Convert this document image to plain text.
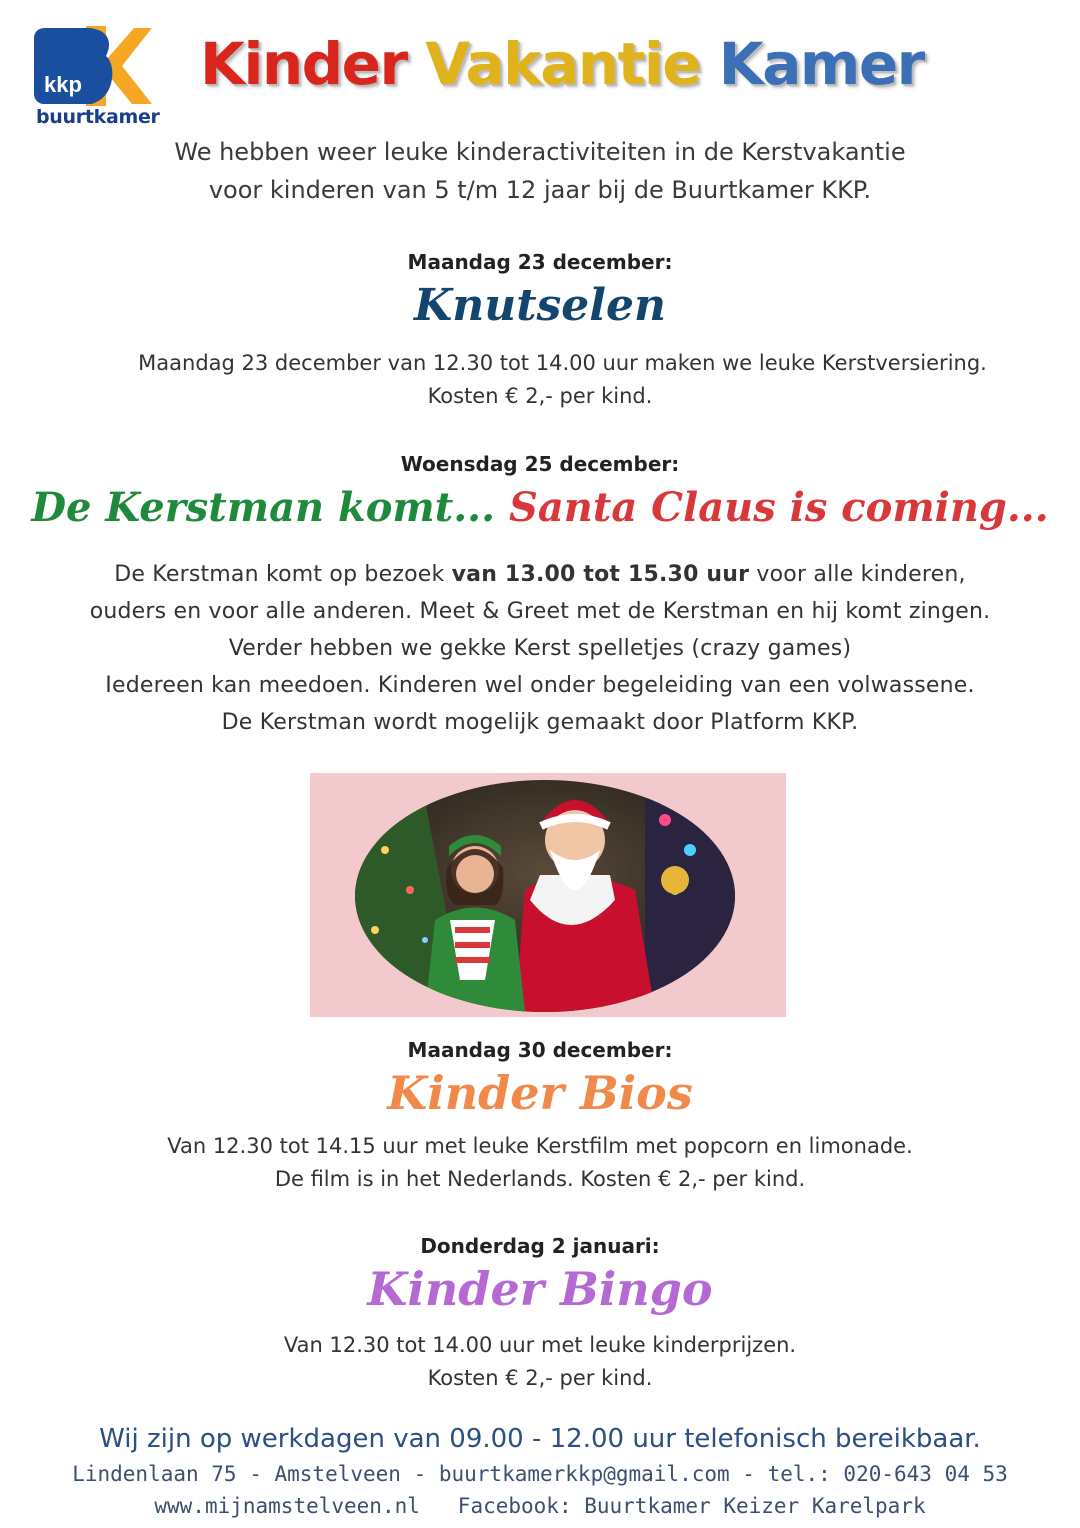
kkp
buurtkamer
Kinder Vakantie Kamer
We hebben weer leuke kinderactiviteiten in de Kerstvakantie
voor kinderen van 5 t/m 12 jaar bij de Buurtkamer KKP.
Maandag 23 december:
Knutselen
Maandag 23 december van 12.30 tot 14.00 uur maken we leuke Kerstversiering.
Kosten € 2,- per kind.
Woensdag 25 december:
De Kerstman komt... Santa Claus is coming...
De Kerstman komt op bezoek van 13.00 tot 15.30 uur voor alle kinderen,
ouders en voor alle anderen. Meet & Greet met de Kerstman en hij komt zingen.
Verder hebben we gekke Kerst spelletjes (crazy games)
Iedereen kan meedoen. Kinderen wel onder begeleiding van een volwassene.
De Kerstman wordt mogelijk gemaakt door Platform KKP.
Maandag 30 december:
Kinder Bios
Van 12.30 tot 14.15 uur met leuke Kerstfilm met popcorn en limonade.
De film is in het Nederlands. Kosten € 2,- per kind.
Donderdag 2 januari:
Kinder Bingo
Van 12.30 tot 14.00 uur met leuke kinderprijzen.
Kosten € 2,- per kind.
Wij zijn op werkdagen van 09.00 - 12.00 uur telefonisch bereikbaar.
Lindenlaan 75 - Amstelveen - buurtkamerkkp@gmail.com - tel.: 020-643 04 53
www.mijnamstelveen.nl   Facebook: Buurtkamer Keizer Karelpark
